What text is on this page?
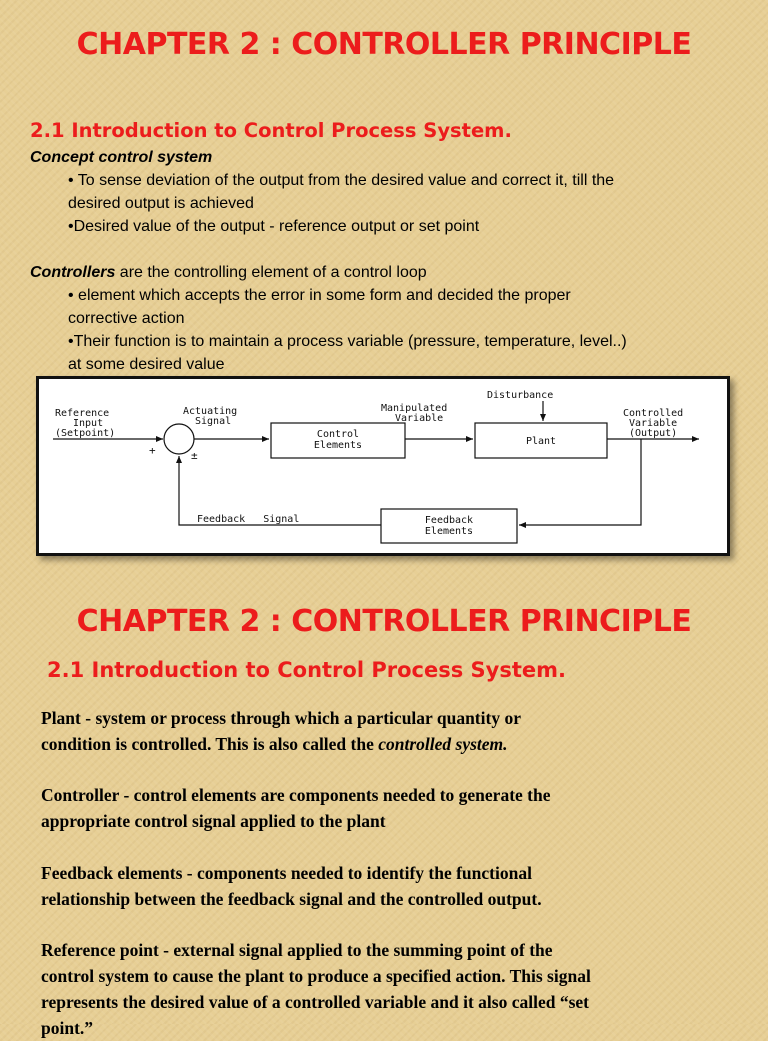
CHAPTER 2 : CONTROLLER PRINCIPLE
2.1 Introduction to Control Process System.
Concept control system
• To sense deviation of the output from the desired value and correct it, till the
desired output is achieved
•Desired value of the output - reference output or set point
Controllers are the controlling element of a control loop
• element which accepts the error in some form and decided the proper
corrective action
•Their function is to maintain a process variable (pressure, temperature, level..)
at some desired value
Reference
Input
(Setpoint)
Actuating
Signal
+	±
Control
Elements
Manipulated
Variable
Disturbance
Plant
Controlled
Variable
(Output)
Feedback   Signal	Feedback
Elements
CHAPTER 2 : CONTROLLER PRINCIPLE
2.1 Introduction to Control Process System.

Plant - system or process through which a particular quantity or

condition is controlled. This is also called the controlled system.

Controller - control elements are components needed to generate the

appropriate control signal applied to the plant

Feedback elements - components needed to identify the functional

relationship between the feedback signal and the controlled output.

Reference point - external signal applied to the summing point of the

control system to cause the plant to produce a specified action. This signal

represents the desired value of a controlled variable and it also called “set

point.”
